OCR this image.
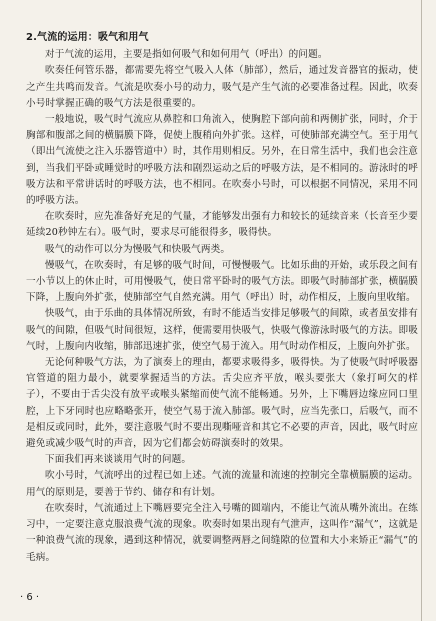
2.气流的运用：吸气和用气

对于气流的运用，主要是指如何吸气和如何用气（呼出）的问题。

吹奏任何管乐器，都需要先将空气吸入人体（肺部），然后，通过发音器官的振动，使之产生共鸣而发音。气流是吹奏小号的动力，吸气是产生气流的必要准备过程。因此，吹奏小号时掌握正确的吸气方法是很重要的。

一般地说，吸气时气流应从鼻腔和口角流入，使胸腔下部向前和两侧扩张，同时，介于胸部和腹部之间的横膈膜下降，促使上腹稍向外扩张。这样，可使肺部充满空气。至于用气（即出气流使之注入乐器管道中）时，其作用则相反。另外，在日常生活中，我们也会注意到，当我们平卧或睡觉时的呼吸方法和剧烈运动之后的呼吸方法，是不相同的。游泳时的呼吸方法和平常讲话时的呼吸方法，也不相同。在吹奏小号时，可以根据不同情况，采用不同的呼吸方法。

在吹奏时，应先准备好充足的气量，才能够发出强有力和较长的延续音来（长音至少要延续20秒钟左右）。吸气时，要求尽可能很得多，吸得快。

吸气的动作可以分为慢吸气和快吸气两类。

慢吸气，在吹奏时，有足够的吸气时间，可慢慢吸气。比如乐曲的开始，或乐段之间有一小节以上的休止时，可用慢吸气，使日常平卧时的吸气方法。即吸气时肺部扩张，横膈膜下降，上腹向外扩张，使肺部空气自然充满。用气（呼出）时，动作相反，上腹向里收缩。

快吸气，由于乐曲的具体情况所致，有时不能适当安排足够吸气的间隙，或者虽安排有吸气的间隙，但吸气时间很短，这样，便需要用快吸气，快吸气像游泳时吸气的方法。即吸气时，上腹向内收缩，肺部迅速扩张，使空气易于流入。用气时动作相反，上腹向外扩张。

无论何种吸气方法，为了演奏上的理由，都要求吸得多，吸得快。为了使吸气时呼吸器官管道的阻力最小，就要掌握适当的方法。舌尖应齐平放，喉头要张大（象打呵欠的样子），不要由于舌尖没有放平或喉头紧缩而使气流不能畅通。另外，上下嘴唇边缘应同口里腔，上下牙同时也应略略张开，使空气易于流入肺部。吸气时，应当先张口，后吸气，而不是相反或同时，此外，要注意吸气时不要出现嘶哑音和其它不必要的声音，因此，吸气时应避免或减少吸气时的声音，因为它们都会妨碍演奏时的效果。

下面我们再来谈谈用气时的问题。

吹小号时，气流呼出的过程已如上述。气流的流量和流速的控制完全靠横膈膜的运动。用气的原则是，要善于节约、储存和有计划。

在吹奏时，气流通过上下嘴唇要完全注入号嘴的圆端内，不能让气流从嘴外流出。在练习中，一定要注意克服浪费气流的现象。吹奏时如果出现有气泄声，这叫作“漏气”，这就是一种浪费气流的现象，遇到这种情况，就要调整两唇之间缝隙的位置和大小来矫正“漏气”的毛病。

· 6 ·
